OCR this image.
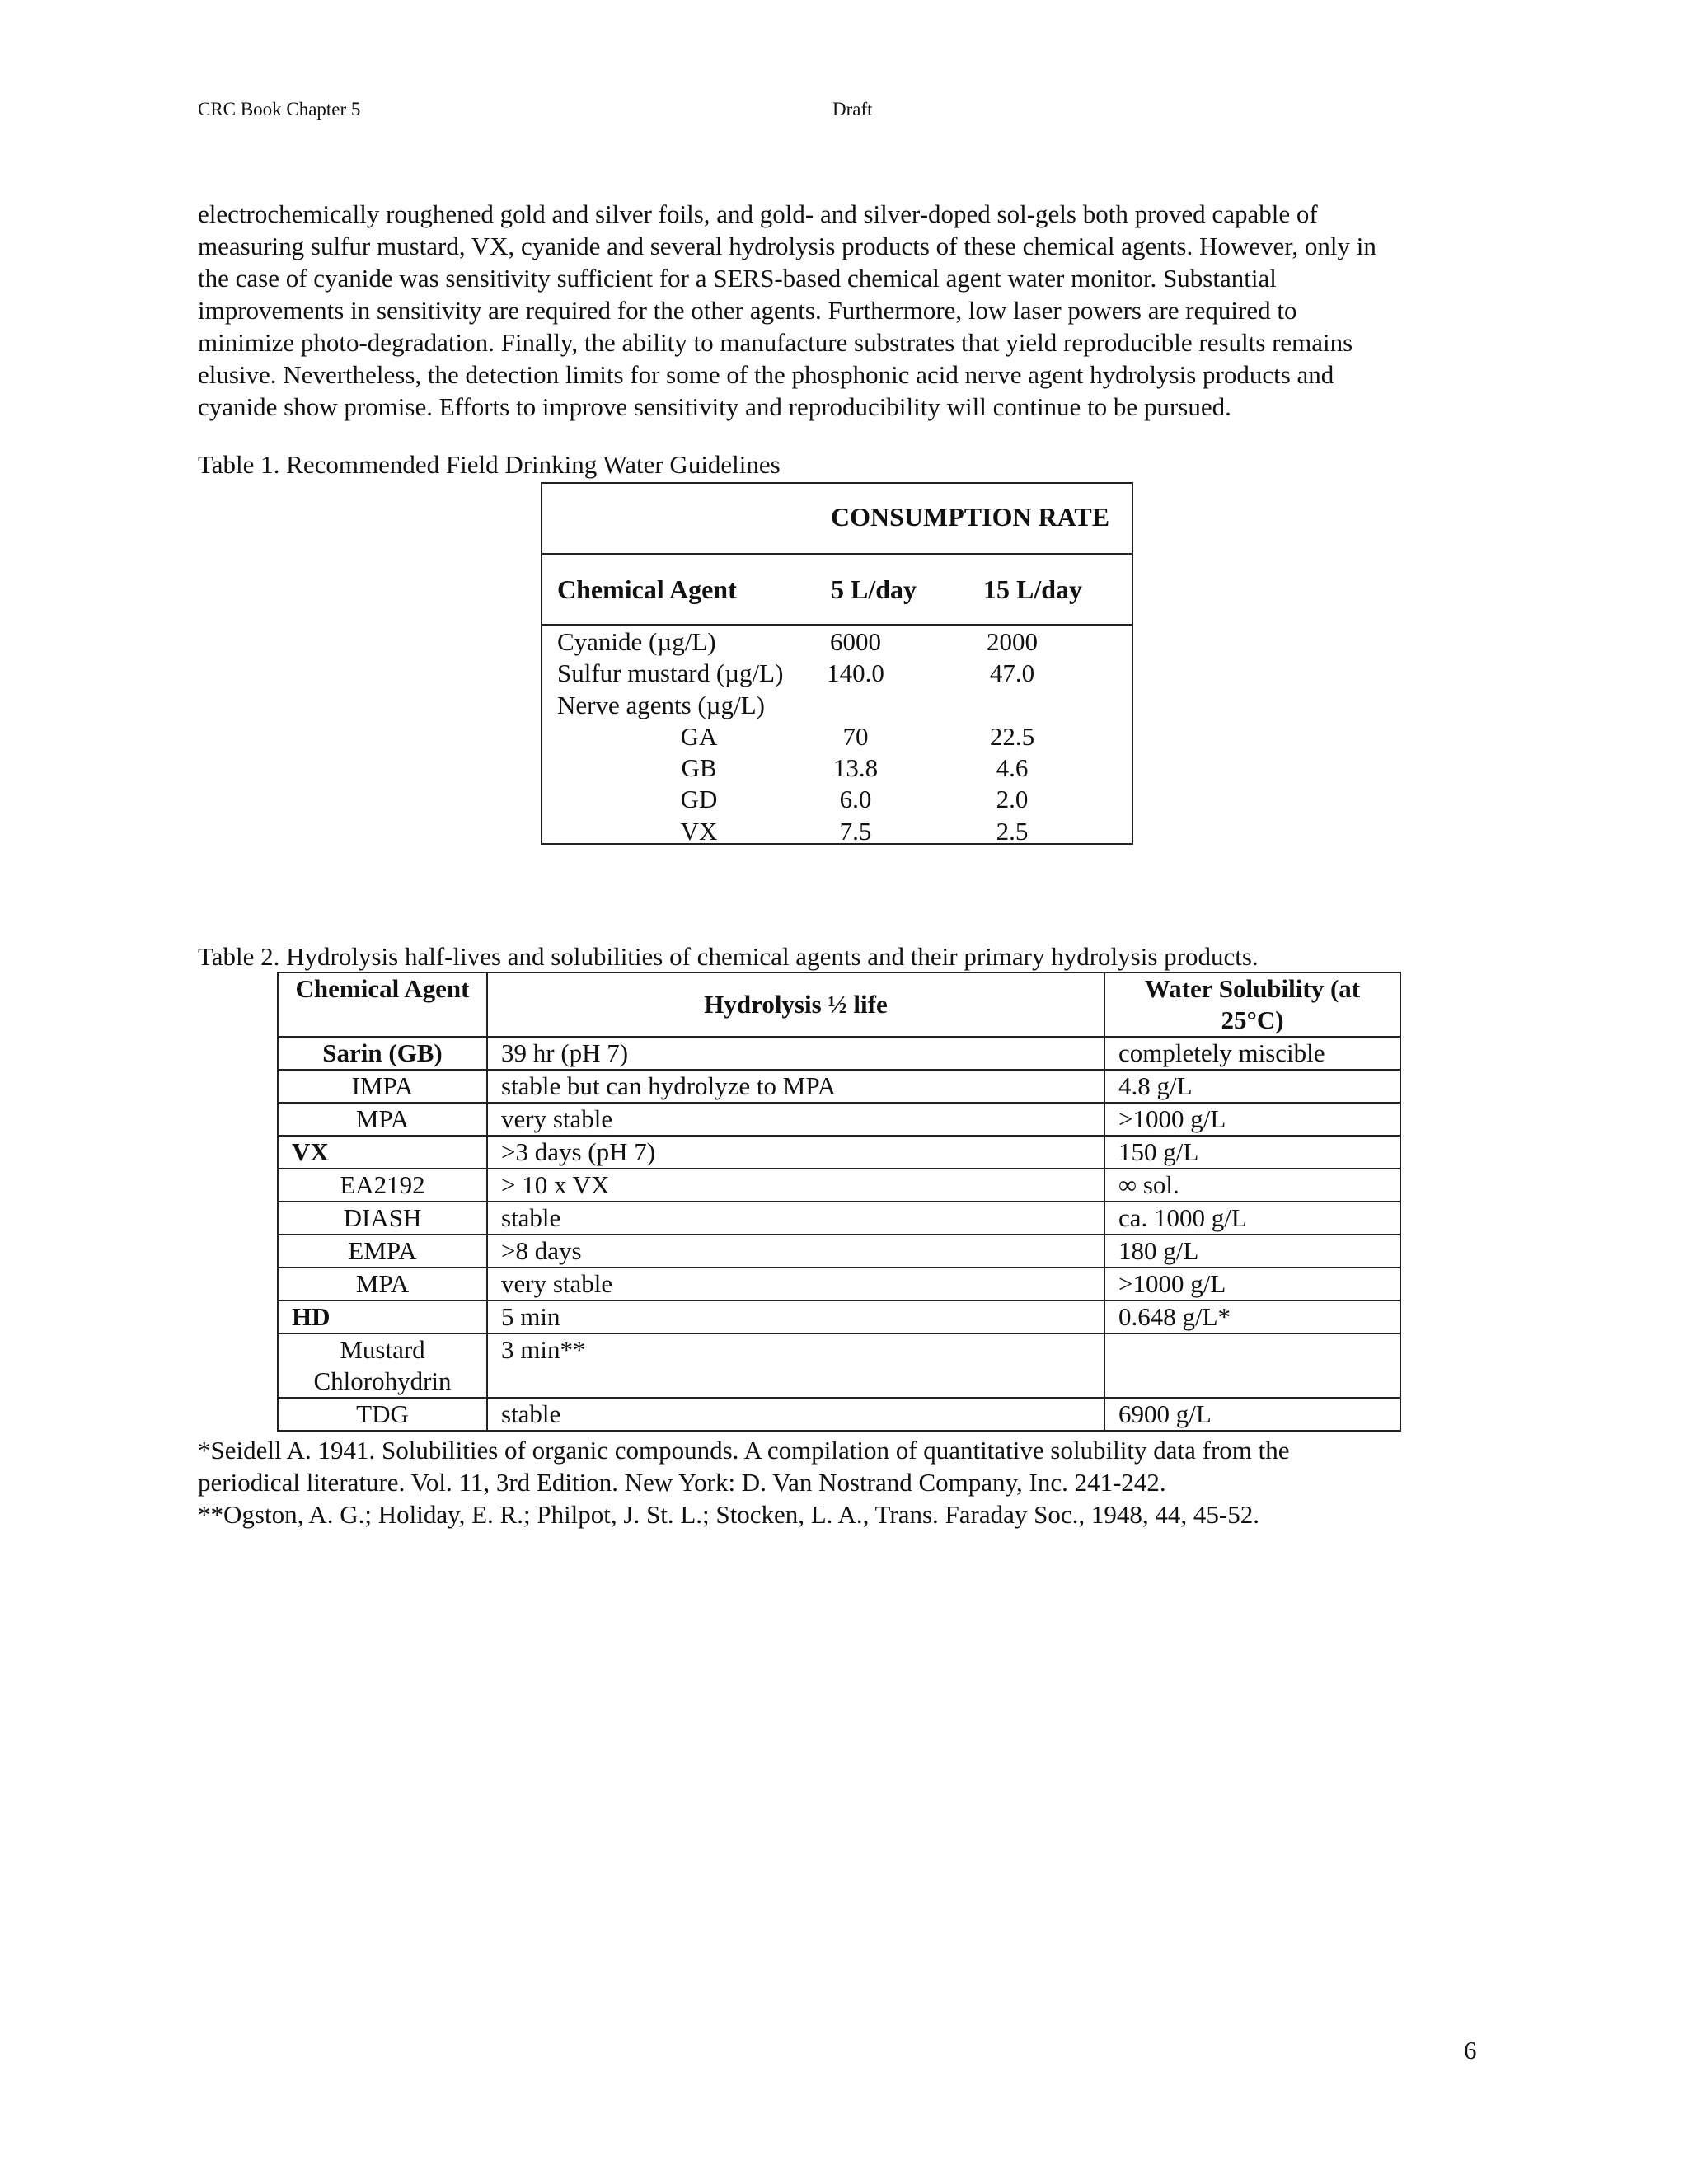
CRC Book Chapter 5	Draft
electrochemically roughened gold and silver foils, and gold- and silver-doped sol-gels both proved capable of
measuring sulfur mustard, VX, cyanide and several hydrolysis products of these chemical agents. However, only in
the case of cyanide was sensitivity sufficient for a SERS-based chemical agent water monitor. Substantial
improvements in sensitivity are required for the other agents. Furthermore, low laser powers are required to
minimize photo-degradation. Finally, the ability to manufacture substrates that yield reproducible results remains
elusive. Nevertheless, the detection limits for some of the phosphonic acid nerve agent hydrolysis products and
cyanide show promise. Efforts to improve sensitivity and reproducibility will continue to be pursued.
Table 1. Recommended Field Drinking Water Guidelines
CONSUMPTION RATE
Chemical Agent	5 L/day	15 L/day
Cyanide (µg/L)	6000	2000
Sulfur mustard (µg/L)	140.0	47.0
Nerve agents (µg/L)
GA	70	22.5
GB	13.8	4.6
GD	6.0	2.0
VX	7.5	2.5
Table 2. Hydrolysis half-lives and solubilities of chemical agents and their primary hydrolysis products.
Chemical Agent	Hydrolysis ½ life	Water Solubility (at 25°C)
Sarin (GB)	39 hr (pH 7)	completely miscible
IMPA	stable but can hydrolyze to MPA	4.8 g/L
MPA	very stable	>1000 g/L
VX	>3 days (pH 7)	150 g/L
EA2192	> 10 x VX	∞ sol.
DIASH	stable	ca. 1000 g/L
EMPA	>8 days	180 g/L
MPA	very stable	>1000 g/L
HD	5 min	0.648 g/L*
Mustard Chlorohydrin	3 min**	
TDG	stable	6900 g/L
*Seidell A. 1941. Solubilities of organic compounds. A compilation of quantitative solubility data from the
periodical literature. Vol. 11, 3rd Edition. New York: D. Van Nostrand Company, Inc. 241-242.
**Ogston, A. G.; Holiday, E. R.; Philpot, J. St. L.; Stocken, L. A., Trans. Faraday Soc., 1948, 44, 45-52.
6
